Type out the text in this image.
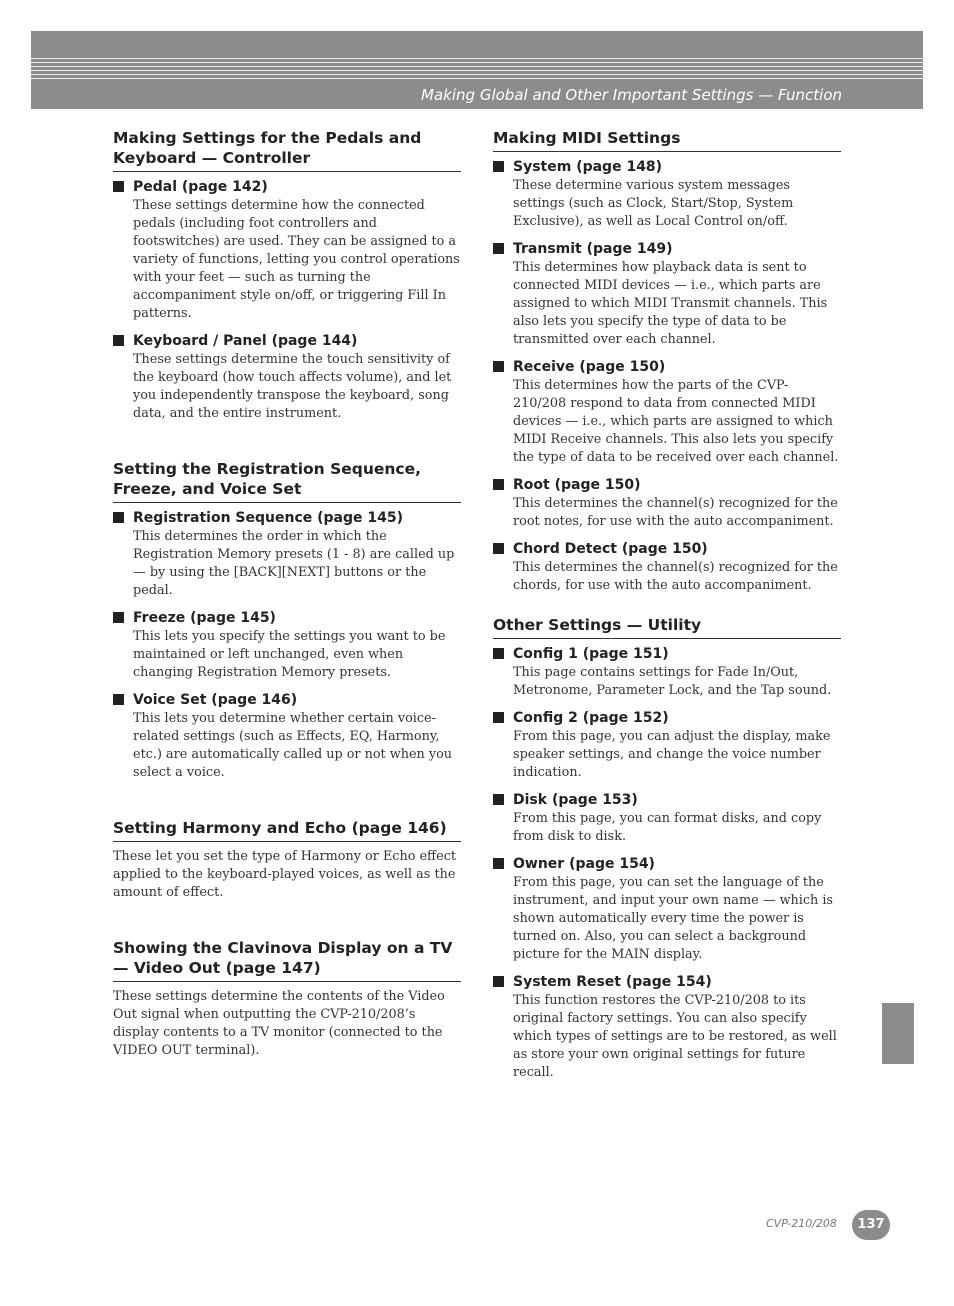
Making Global and Other Important Settings — Function
Making Settings for the Pedals and Keyboard — Controller
Pedal (page 142)
These settings determine how the connected pedals (including foot controllers and footswitches) are used. They can be assigned to a variety of functions, letting you control operations with your feet — such as turning the accompaniment style on/off, or triggering Fill In patterns.
Keyboard / Panel (page 144)
These settings determine the touch sensitivity of the keyboard (how touch affects volume), and let you independently transpose the keyboard, song data, and the entire instrument.
Setting the Registration Sequence, Freeze, and Voice Set
Registration Sequence (page 145)
This determines the order in which the Registration Memory presets (1 - 8) are called up — by using the [BACK][NEXT] buttons or the pedal.
Freeze (page 145)
This lets you specify the settings you want to be maintained or left unchanged, even when changing Registration Memory presets.
Voice Set (page 146)
This lets you determine whether certain voice-related settings (such as Effects, EQ, Harmony, etc.) are automatically called up or not when you select a voice.
Setting Harmony and Echo (page 146)
These let you set the type of Harmony or Echo effect applied to the keyboard-played voices, as well as the amount of effect.
Showing the Clavinova Display on a TV — Video Out (page 147)
These settings determine the contents of the Video Out signal when outputting the CVP-210/208’s display contents to a TV monitor (connected to the VIDEO OUT terminal).
Making MIDI Settings
System (page 148)
These determine various system messages settings (such as Clock, Start/Stop, System Exclusive), as well as Local Control on/off.
Transmit (page 149)
This determines how playback data is sent to connected MIDI devices — i.e., which parts are assigned to which MIDI Transmit channels. This also lets you specify the type of data to be transmitted over each channel.
Receive (page 150)
This determines how the parts of the CVP-210/208 respond to data from connected MIDI devices — i.e., which parts are assigned to which MIDI Receive channels. This also lets you specify the type of data to be received over each channel.
Root (page 150)
This determines the channel(s) recognized for the root notes, for use with the auto accompaniment.
Chord Detect (page 150)
This determines the channel(s) recognized for the chords, for use with the auto accompaniment.
Other Settings — Utility
Config 1 (page 151)
This page contains settings for Fade In/Out, Metronome, Parameter Lock, and the Tap sound.
Config 2 (page 152)
From this page, you can adjust the display, make speaker settings, and change the voice number indication.
Disk (page 153)
From this page, you can format disks, and copy from disk to disk.
Owner (page 154)
From this page, you can set the language of the instrument, and input your own name — which is shown automatically every time the power is turned on. Also, you can select a background picture for the MAIN display.
System Reset (page 154)
This function restores the CVP-210/208 to its original factory settings. You can also specify which types of settings are to be restored, as well as store your own original settings for future recall.
CVP-210/208	137
